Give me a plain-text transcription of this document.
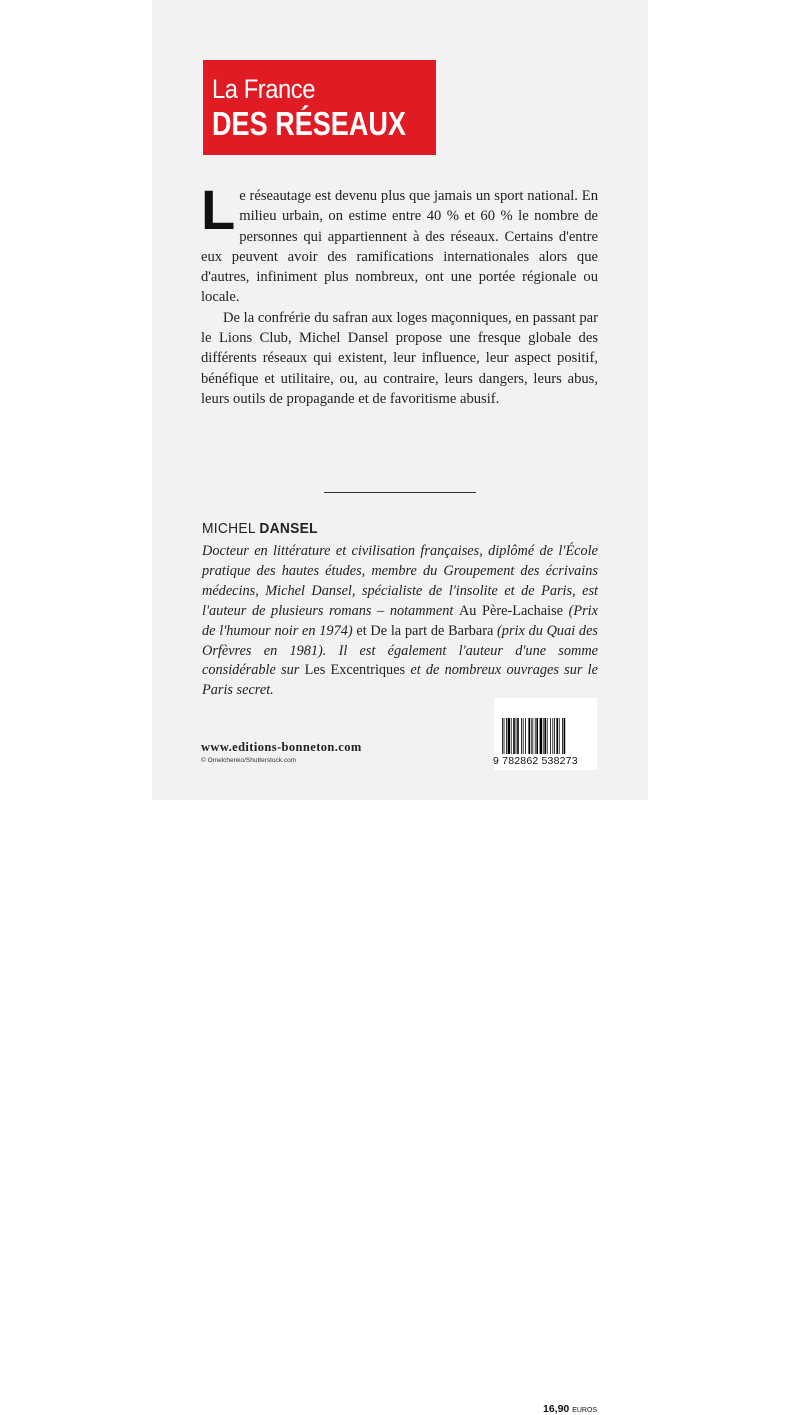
La France
DES RÉSEAUX

Le réseautage est devenu plus que jamais un sport national. En milieu urbain, on estime entre 40 % et 60 % le nombre de personnes qui appartiennent à des réseaux. Certains d'entre eux peuvent avoir des ramifications internationales alors que d'autres, infiniment plus nombreux, ont une portée régionale ou locale.

De la confrérie du safran aux loges maçonniques, en passant par le Lions Club, Michel Dansel propose une fresque globale des différents réseaux qui existent, leur influence, leur aspect positif, bénéfique et utilitaire, ou, au contraire, leurs dangers, leurs abus, leurs outils de propagande et de favoritisme abusif.

MICHEL DANSEL
Docteur en littérature et civilisation françaises, diplômé de l'École pratique des hautes études, membre du Groupement des écrivains médecins, Michel Dansel, spécialiste de l'insolite et de Paris, est l'auteur de plusieurs romans – notamment Au Père-Lachaise (Prix de l'humour noir en 1974) et De la part de Barbara (prix du Quai des Orfèvres en 1981). Il est également l'auteur d'une somme considérable sur Les Excentriques et de nombreux ouvrages sur le Paris secret.
16,90 EUROS
9 782862 538273
www.editions-bonneton.com
© Omelchenko/Shutterstock.com
